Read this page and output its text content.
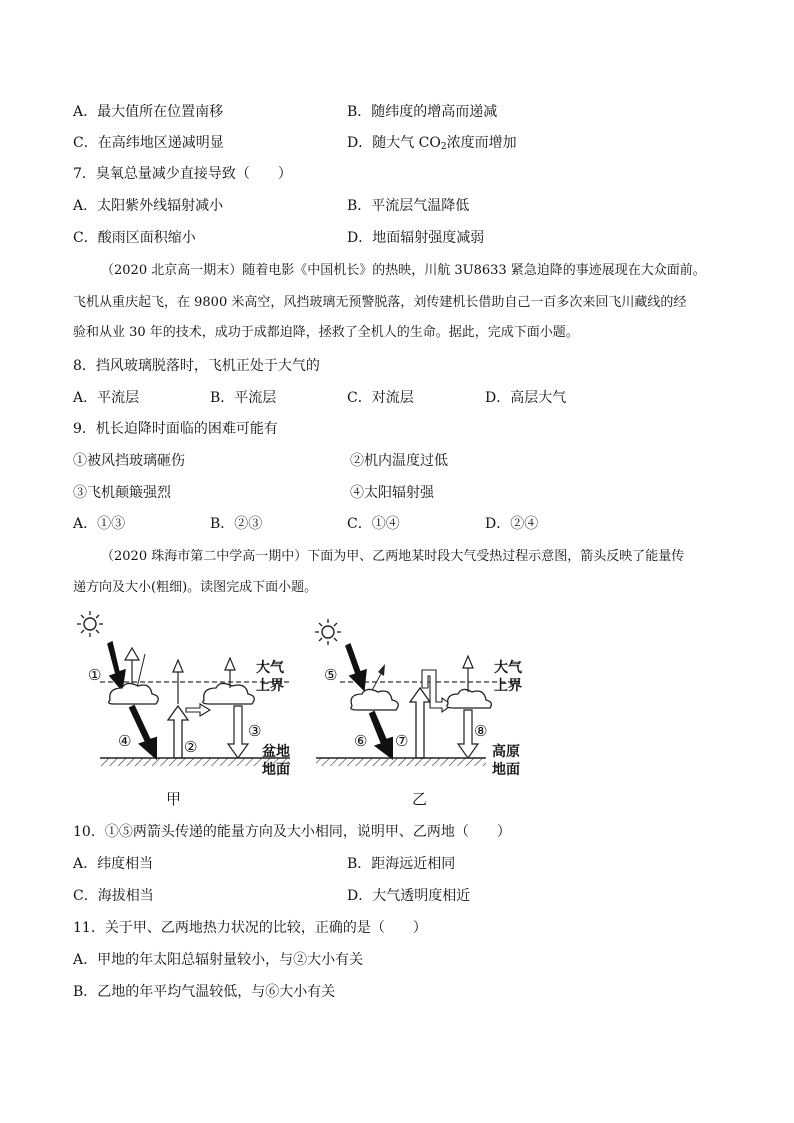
A．最大值所在位置南移	B．随纬度的增高而递减
C．在高纬地区递减明显	D．随大气 $CO_2$浓度而增加
7．臭氧总量减少直接导致（　　）
A．太阳紫外线辐射减小	B．平流层气温降低
C．酸雨区面积缩小	D．地面辐射强度减弱
（2020 北京高一期末）随着电影《中国机长》的热映，川航 3U8633 紧急迫降的事迹展现在大众面前。
飞机从重庆起飞，在 9800 米高空，风挡玻璃无预警脱落，刘传建机长借助自己一百多次来回飞川藏线的经
验和从业 30 年的技术，成功于成都迫降，拯救了全机人的生命。据此，完成下面小题。
8．挡风玻璃脱落时，飞机正处于大气的
A．平流层	B．平流层	C．对流层	D．高层大气
9．机长迫降时面临的困难可能有
①被风挡玻璃砸伤	②机内温度过低
③飞机颠簸强烈	④太阳辐射强
A．①③	B．②③	C．①④	D．②④
（2020 珠海市第二中学高一期中）下面为甲、乙两地某时段大气受热过程示意图，箭头反映了能量传
递方向及大小(粗细)。读图完成下面小题。
①
④	②
③
大气
上界
盆地
地面
甲
⑤
⑥ ⑦
⑧
大气
上界
高原
地面
乙
10．①⑤两箭头传递的能量方向及大小相同，说明甲、乙两地（　　）
A．纬度相当	B．距海远近相同
C．海拔相当	D．大气透明度相近
11．关于甲、乙两地热力状况的比较，正确的是（　　）
A．甲地的年太阳总辐射量较小，与②大小有关
B．乙地的年平均气温较低，与⑥大小有关
